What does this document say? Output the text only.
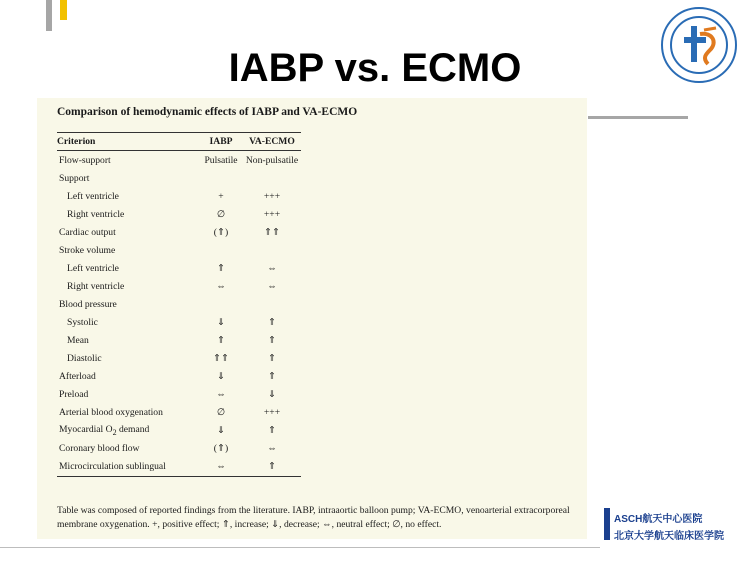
IABP vs. ECMO
Comparison of hemodynamic effects of IABP and VA-ECMO
Criterion	IABP	VA-ECMO
Flow-support	Pulsatile	Non-pulsatile
Support		
Left ventricle	+	+++
Right ventricle	∅	+++
Cardiac output	(⇑)	⇑⇑
Stroke volume		
Left ventricle	⇑	⇔
Right ventricle	⇔	⇔
Blood pressure		
Systolic	⇓	⇑
Mean	⇑	⇑
Diastolic	⇑⇑	⇑
Afterload	⇓	⇑
Preload	⇔	⇓
Arterial blood oxygenation	∅	+++
Myocardial $O_2$ demand	⇓	⇑
Coronary blood flow	(⇑)	⇔
Microcirculation sublingual	⇔	⇑
Table was composed of reported findings from the literature. IABP, intraaortic balloon pump; VA-ECMO, venoarterial extracorporeal membrane oxygenation. +, positive effect; ⇑, increase; ⇓, decrease; ⇔, neutral effect; ∅, no effect.	ASCH航天中心医院
北京大学航天临床医学院
